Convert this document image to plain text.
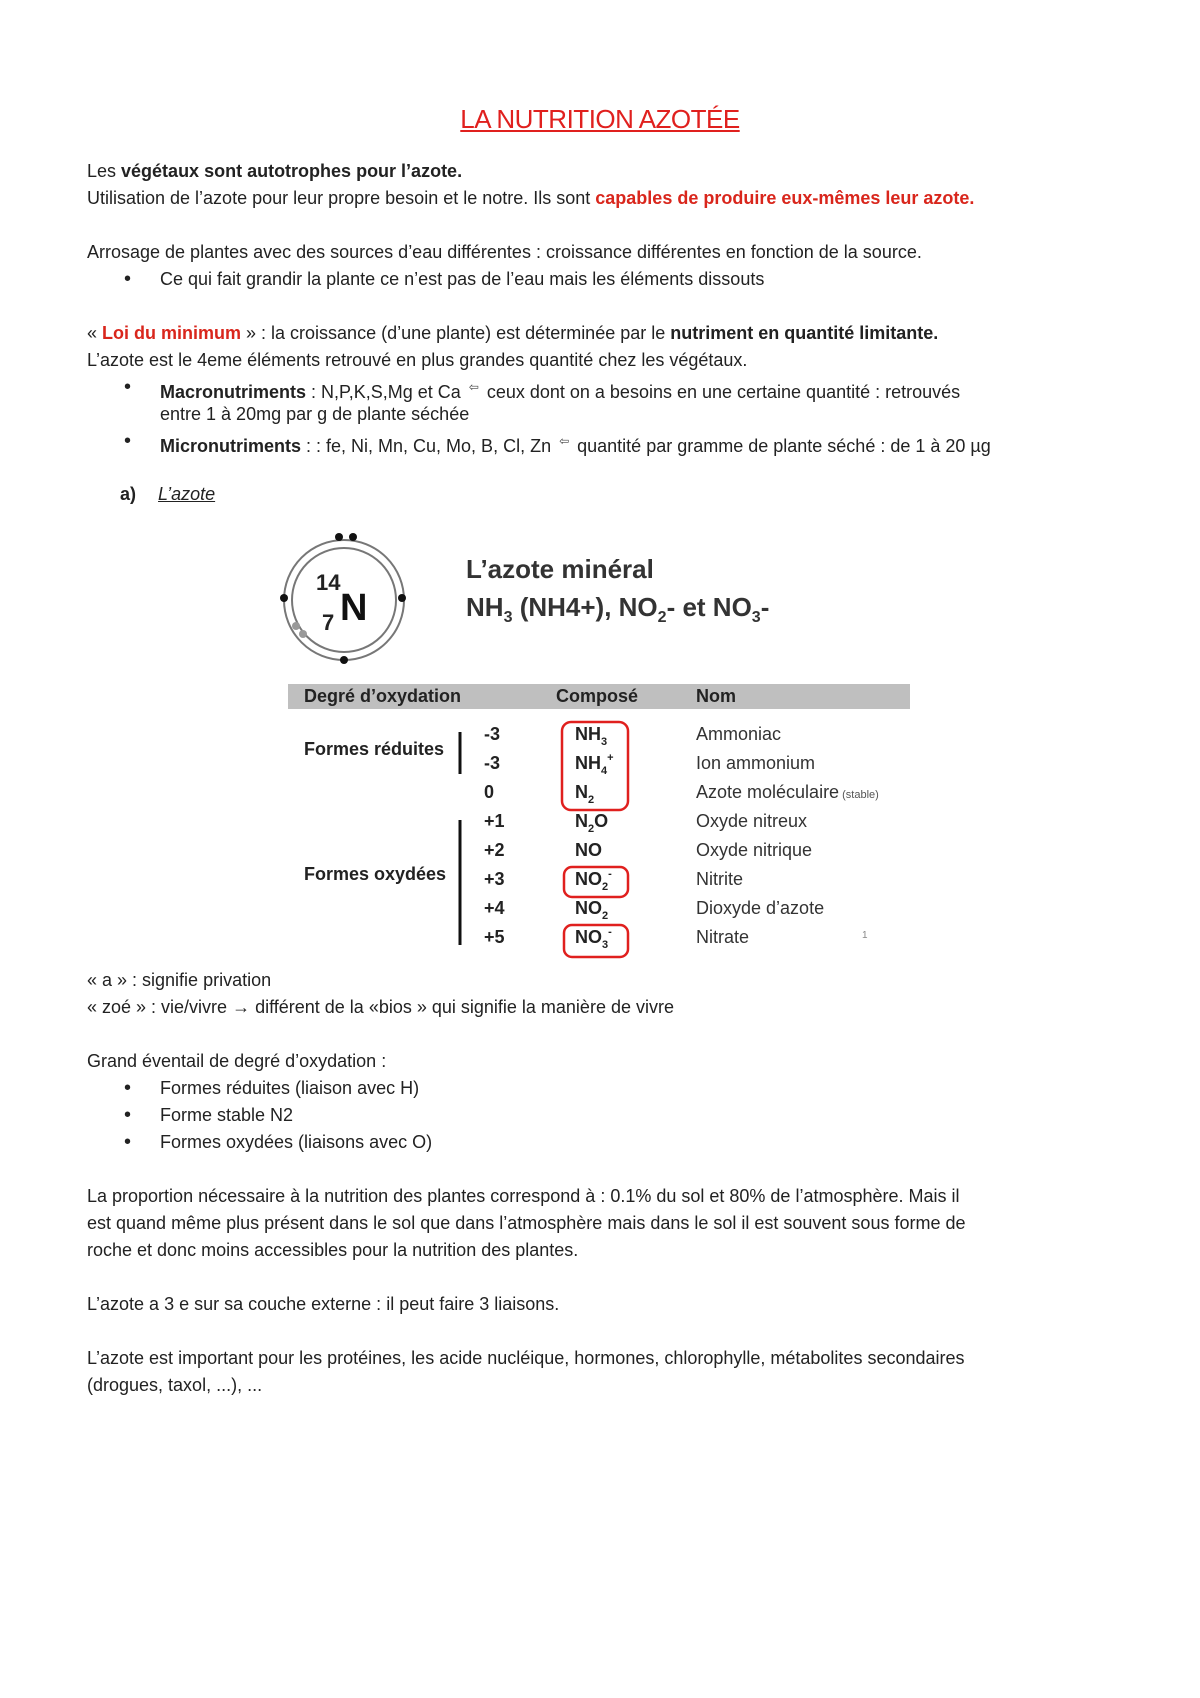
LA NUTRITION AZOTÉE
Les végétaux sont autotrophes pour l’azote.
Utilisation de l’azote pour leur propre besoin et le notre. Ils sont capables de produire eux-mêmes leur azote.
Arrosage de plantes avec des sources d’eau différentes : croissance différentes en fonction de la source.
•
Ce qui fait grandir la plante ce n’est pas de l’eau mais les éléments dissouts
« Loi du minimum » : la croissance (d’une plante) est déterminée par le nutriment en quantité limitante.
L’azote est le 4eme éléments retrouvé en plus grandes quantité chez les végétaux.
•
Macronutriments : N,P,K,S,Mg et Ca ⇦ ceux dont on a besoins en une certaine quantité : retrouvés
entre 1 à 20mg par g de plante séchée
•
Micronutriments : : fe, Ni, Mn, Cu, Mo, B, Cl, Zn ⇦ quantité par gramme de plante séché : de 1 à 20 µg
a) L’azote
14
7 N
L’azote minéral
$NH_3$ (NH4+), $NO_2-$ et $NO_3-$
Degré d’oxydation	Composé	Nom
Formes réduites
Formes oxydées
-3	$NH_3$	Ammoniac
-3	$NH_4^+$	Ion ammonium
0	$N_2$	Azote moléculaire (stable)
+1	$N_2O$	Oxyde nitreux
+2	NO	Oxyde nitrique
+3	$NO_2^-$	Nitrite
+4	$NO_2$	Dioxyde d’azote
+5	$NO_3^-$	Nitrate	1
« a » : signifie privation
« zoé » : vie/vivre → différent de la «bios » qui signifie la manière de vivre
Grand éventail de degré d’oxydation :
•
Formes réduites (liaison avec H)
•
Forme stable N2
•
Formes oxydées (liaisons avec O)
La proportion nécessaire à la nutrition des plantes correspond à : 0.1% du sol et 80% de l’atmosphère. Mais il
est quand même plus présent dans le sol que dans l’atmosphère mais dans le sol il est souvent sous forme de
roche et donc moins accessibles pour la nutrition des plantes.
L’azote a 3 e sur sa couche externe : il peut faire 3 liaisons.
L’azote est important pour les protéines, les acide nucléique, hormones, chlorophylle, métabolites secondaires
(drogues, taxol, ...), ...
